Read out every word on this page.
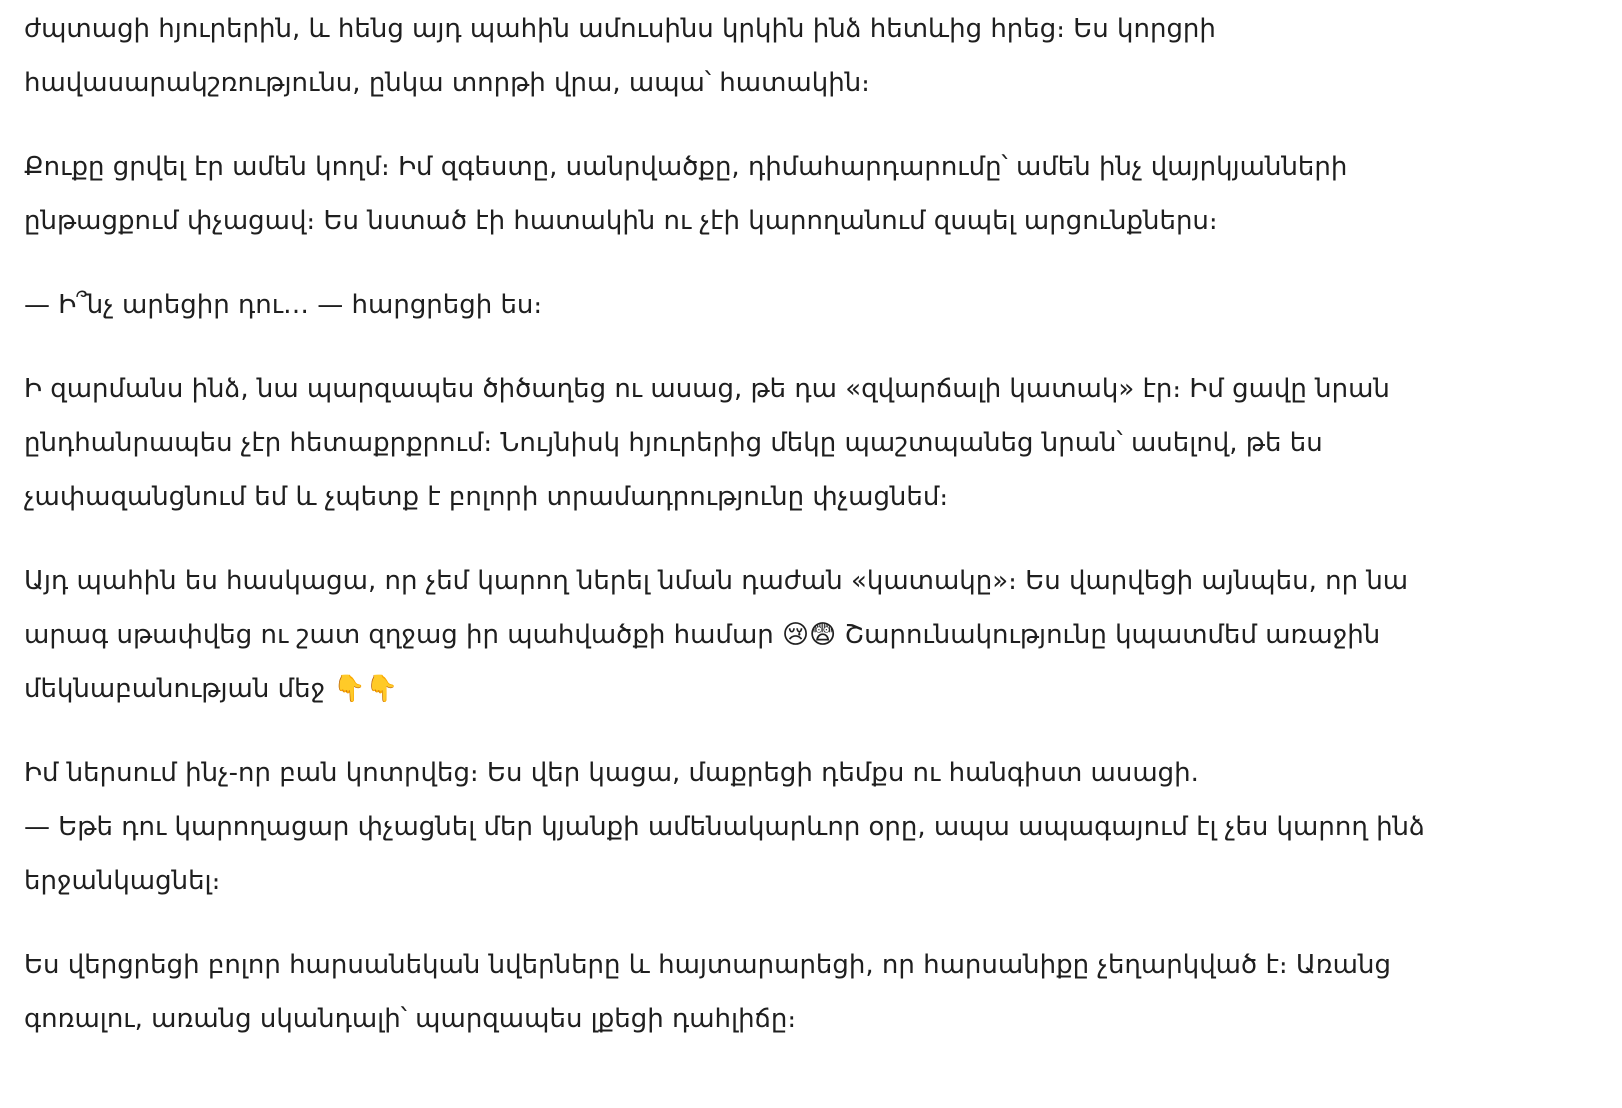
ժպտացի հյուրերին, և հենց այդ պահին ամուսինս կրկին ինձ հետևից հրեց։ Ես կորցրի
հավասարակշռությունս, ընկա տորթի վրա, ապա՝ հատակին։

Քուքը ցրվել էր ամեն կողմ։ Իմ զգեստը, սանրվածքը, դիմահարդարումը՝ ամեն ինչ վայրկյանների
ընթացքում փչացավ։ Ես նստած էի հատակին ու չէի կարողանում զսպել արցունքներս։

— Ի՞նչ արեցիր դու… — հարցրեցի ես։

Ի զարմանս ինձ, նա պարզապես ծիծաղեց ու ասաց, թե դա «զվարճալի կատակ» էր։ Իմ ցավը նրան
ընդհանրապես չէր հետաքրքրում։ Նույնիսկ հյուրերից մեկը պաշտպանեց նրան՝ ասելով, թե ես
չափազանցնում եմ և չպետք է բոլորի տրամադրությունը փչացնեմ։

Այդ պահին ես հասկացա, որ չեմ կարող ներել նման դաժան «կատակը»։ Ես վարվեցի այնպես, որ նա
արագ սթափվեց ու շատ զղջաց իր պահվածքի համար 😢😨 Շարունակությունը կպատմեմ առաջին
մեկնաբանության մեջ 👇👇

Իմ ներսում ինչ-որ բան կոտրվեց։ Ես վեր կացա, մաքրեցի դեմքս ու հանգիստ ասացի.
— Եթե դու կարողացար փչացնել մեր կյանքի ամենակարևոր օրը, ապա ապագայում էլ չես կարող ինձ
երջանկացնել։

Ես վերցրեցի բոլոր հարսանեկան նվերները և հայտարարեցի, որ հարսանիքը չեղարկված է։ Առանց
գոռալու, առանց սկանդալի՝ պարզապես լքեցի դահլիճը։
